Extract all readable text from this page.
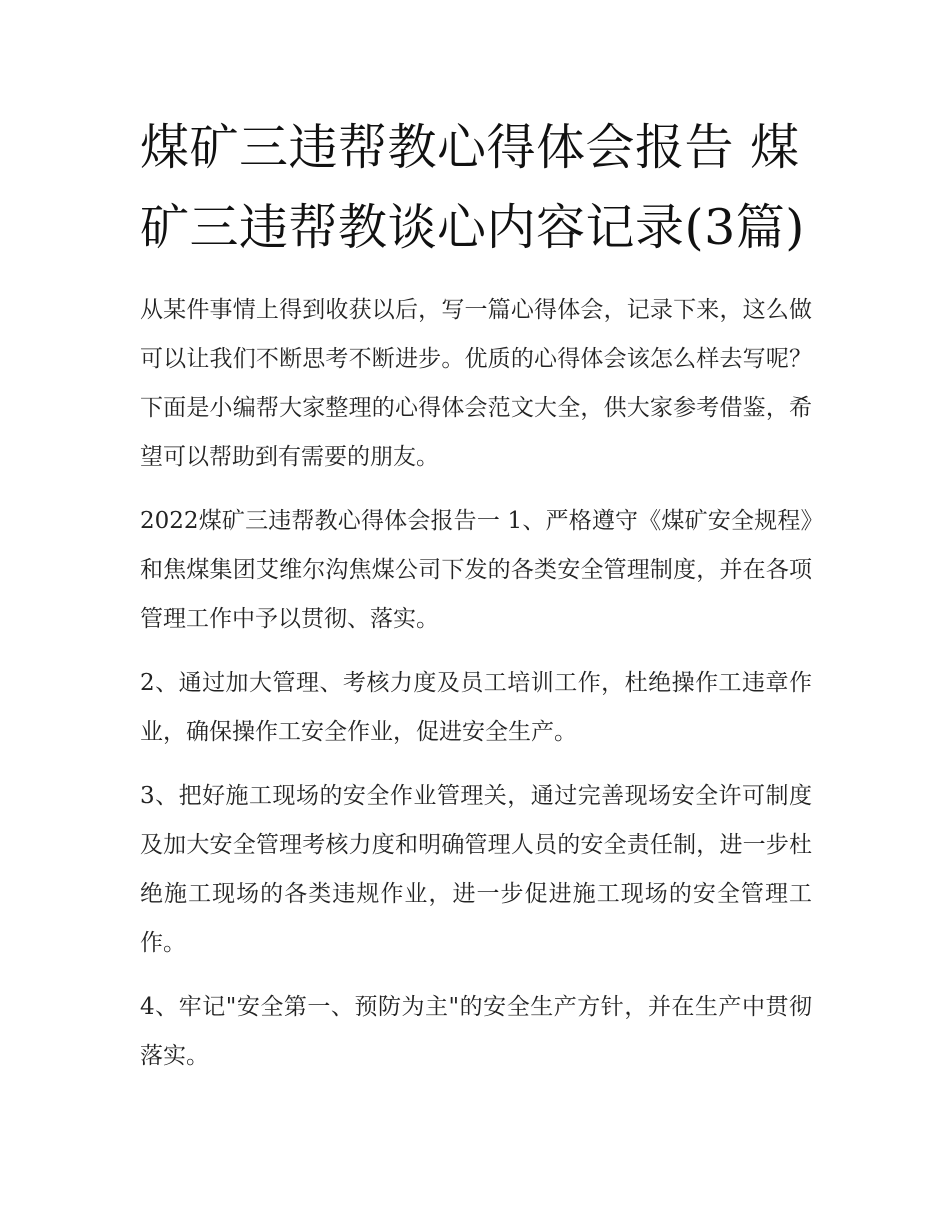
煤矿三违帮教心得体会报告 煤矿三违帮教谈心内容记录(3篇)

从某件事情上得到收获以后，写一篇心得体会，记录下来，这么做可以让我们不断思考不断进步。优质的心得体会该怎么样去写呢？下面是小编帮大家整理的心得体会范文大全，供大家参考借鉴，希望可以帮助到有需要的朋友。

2022煤矿三违帮教心得体会报告一 1、严格遵守《煤矿安全规程》和焦煤集团艾维尔沟焦煤公司下发的各类安全管理制度，并在各项管理工作中予以贯彻、落实。

2、通过加大管理、考核力度及员工培训工作，杜绝操作工违章作业，确保操作工安全作业，促进安全生产。

3、把好施工现场的安全作业管理关，通过完善现场安全许可制度及加大安全管理考核力度和明确管理人员的安全责任制，进一步杜绝施工现场的各类违规作业，进一步促进施工现场的安全管理工作。

4、牢记"安全第一、预防为主"的安全生产方针，并在生产中贯彻落实。
